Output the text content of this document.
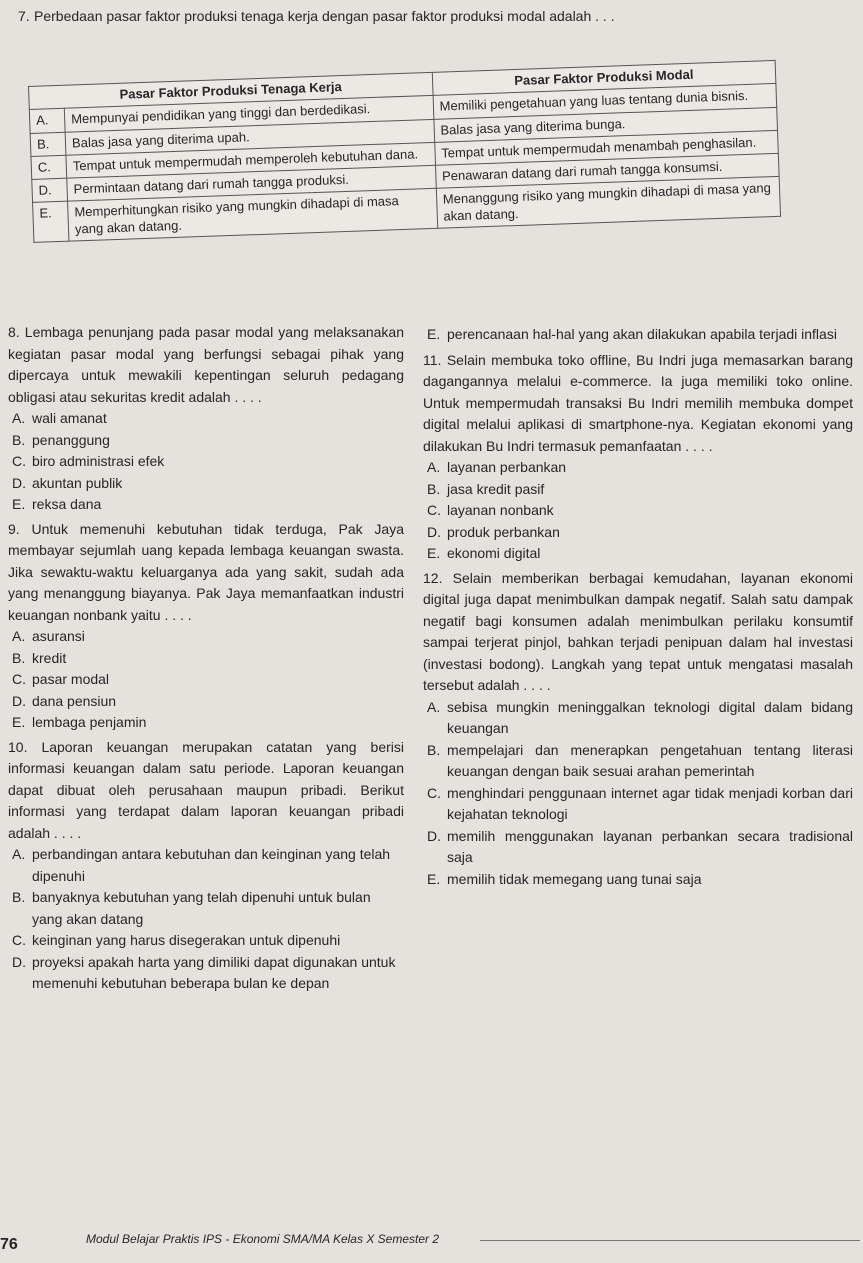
7. Perbedaan pasar faktor produksi tenaga kerja dengan pasar faktor produksi modal adalah . . .
Pasar Faktor Produksi Tenaga Kerja		Pasar Faktor Produksi Modal
A.	Mempunyai pendidikan yang tinggi dan berdedikasi.	Memiliki pengetahuan yang luas tentang dunia bisnis.
B.	Balas jasa yang diterima upah.	Balas jasa yang diterima bunga.
C.	Tempat untuk mempermudah memperoleh kebutuhan dana.	Tempat untuk mempermudah menambah penghasilan.
D.	Permintaan datang dari rumah tangga produksi.	Penawaran datang dari rumah tangga konsumsi.
E.	Memperhitungkan risiko yang mungkin dihadapi di masa yang akan datang.	Menanggung risiko yang mungkin dihadapi di masa yang akan datang.
8. Lembaga penunjang pada pasar modal yang melaksanakan kegiatan pasar modal yang berfungsi sebagai pihak yang dipercaya untuk mewakili kepentingan seluruh pedagang obligasi atau sekuritas kredit adalah . . . .
A. wali amanat
B. penanggung
C. biro administrasi efek
D. akuntan publik
E. reksa dana
9. Untuk memenuhi kebutuhan tidak terduga, Pak Jaya membayar sejumlah uang kepada lembaga keuangan swasta. Jika sewaktu-waktu keluarganya ada yang sakit, sudah ada yang menanggung biayanya. Pak Jaya memanfaatkan industri keuangan nonbank yaitu . . . .
A. asuransi
B. kredit
C. pasar modal
D. dana pensiun
E. lembaga penjamin
10. Laporan keuangan merupakan catatan yang berisi informasi keuangan dalam satu periode. Laporan keuangan dapat dibuat oleh perusahaan maupun pribadi. Berikut informasi yang terdapat dalam laporan keuangan pribadi adalah . . . .
A. perbandingan antara kebutuhan dan keinginan yang telah dipenuhi
B. banyaknya kebutuhan yang telah dipenuhi untuk bulan yang akan datang
C. keinginan yang harus disegerakan untuk dipenuhi
D. proyeksi apakah harta yang dimiliki dapat digunakan untuk memenuhi kebutuhan beberapa bulan ke depan
E. perencanaan hal-hal yang akan dilakukan apabila terjadi inflasi
11. Selain membuka toko offline, Bu Indri juga memasarkan barang dagangannya melalui e-commerce. Ia juga memiliki toko online. Untuk mempermudah transaksi Bu Indri memilih membuka dompet digital melalui aplikasi di smartphone-nya. Kegiatan ekonomi yang dilakukan Bu Indri termasuk pemanfaatan . . . .
A. layanan perbankan
B. jasa kredit pasif
C. layanan nonbank
D. produk perbankan
E. ekonomi digital
12. Selain memberikan berbagai kemudahan, layanan ekonomi digital juga dapat menimbulkan dampak negatif. Salah satu dampak negatif bagi konsumen adalah menimbulkan perilaku konsumtif sampai terjerat pinjol, bahkan terjadi penipuan dalam hal investasi (investasi bodong). Langkah yang tepat untuk mengatasi masalah tersebut adalah . . . .
A. sebisa mungkin meninggalkan teknologi digital dalam bidang keuangan
B. mempelajari dan menerapkan pengetahuan tentang literasi keuangan dengan baik sesuai arahan pemerintah
C. menghindari penggunaan internet agar tidak menjadi korban dari kejahatan teknologi
D. memilih menggunakan layanan perbankan secara tradisional saja
E. memilih tidak memegang uang tunai saja
76	Modul Belajar Praktis IPS - Ekonomi SMA/MA Kelas X Semester 2
